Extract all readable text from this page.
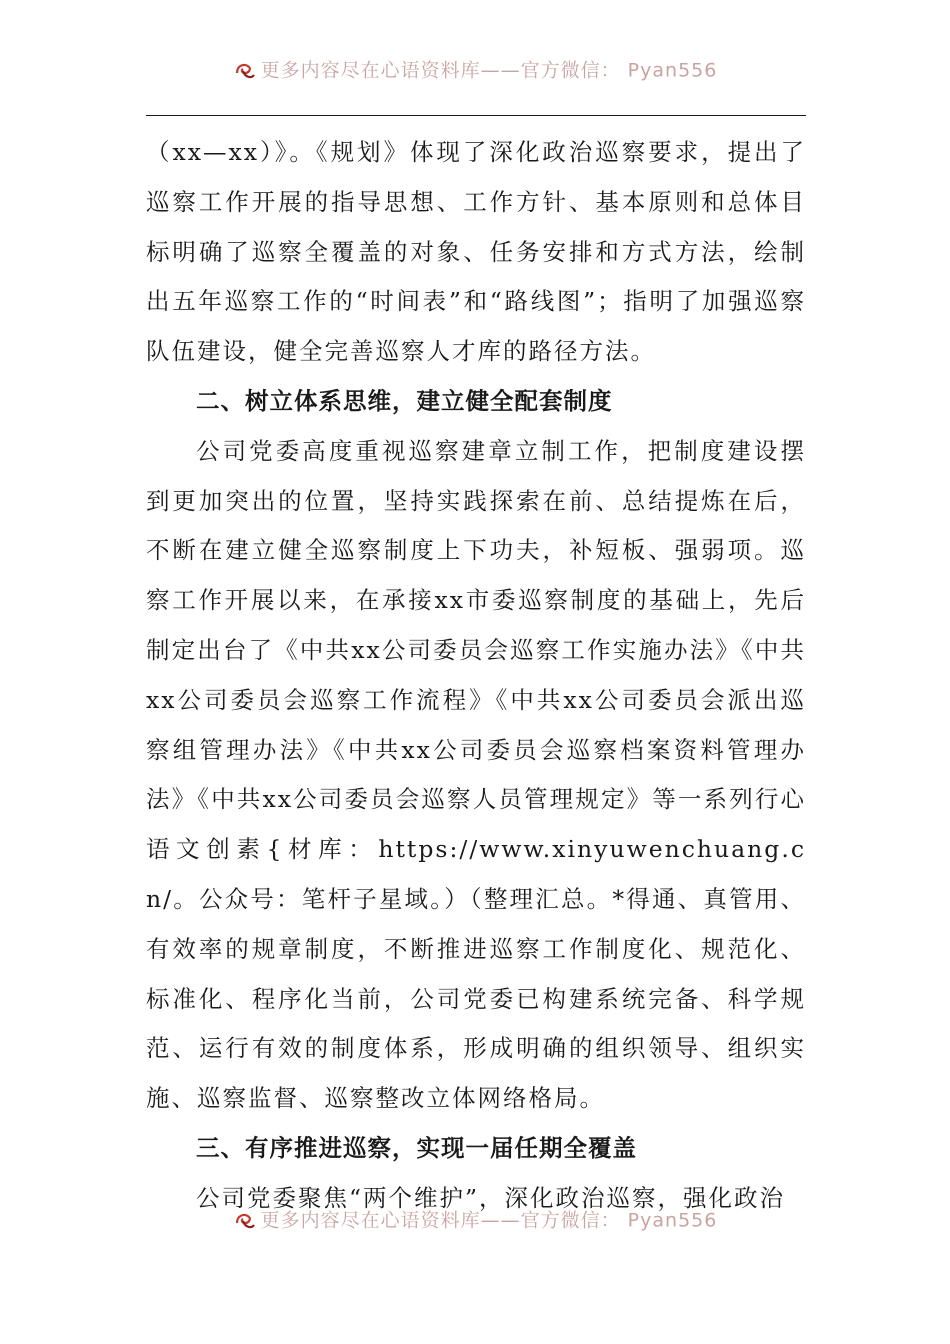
更多内容尽在心语资料库——官方微信： Pyan556

（xx—xx）》。《规划》体现了深化政治巡察要求，提出了巡察工作开展的指导思想、工作方针、基本原则和总体目标明确了巡察全覆盖的对象、任务安排和方式方法，绘制出五年巡察工作的“时间表”和“路线图”；指明了加强巡察队伍建设，健全完善巡察人才库的路径方法。

二、树立体系思维，建立健全配套制度

公司党委高度重视巡察建章立制工作，把制度建设摆到更加突出的位置，坚持实践探索在前、总结提炼在后，不断在建立健全巡察制度上下功夫，补短板、强弱项。巡察工作开展以来，在承接xx市委巡察制度的基础上，先后制定出台了《中共xx公司委员会巡察工作实施办法》《中共xx公司委员会巡察工作流程》《中共xx公司委员会派出巡察组管理办法》《中共xx公司委员会巡察档案资料管理办法》《中共xx公司委员会巡察人员管理规定》等一系列行心语文创素{材库：https://www.xinyuwenchuang.cn/。公众号：笔杆子星域。）（整理汇总。*得通、真管用、有效率的规章制度，不断推进巡察工作制度化、规范化、标准化、程序化当前，公司党委已构建系统完备、科学规范、运行有效的制度体系，形成明确的组织领导、组织实施、巡察监督、巡察整改立体网络格局。

三、有序推进巡察，实现一届任期全覆盖

公司党委聚焦“两个维护”，深化政治巡察，强化政治

更多内容尽在心语资料库——官方微信： Pyan556
